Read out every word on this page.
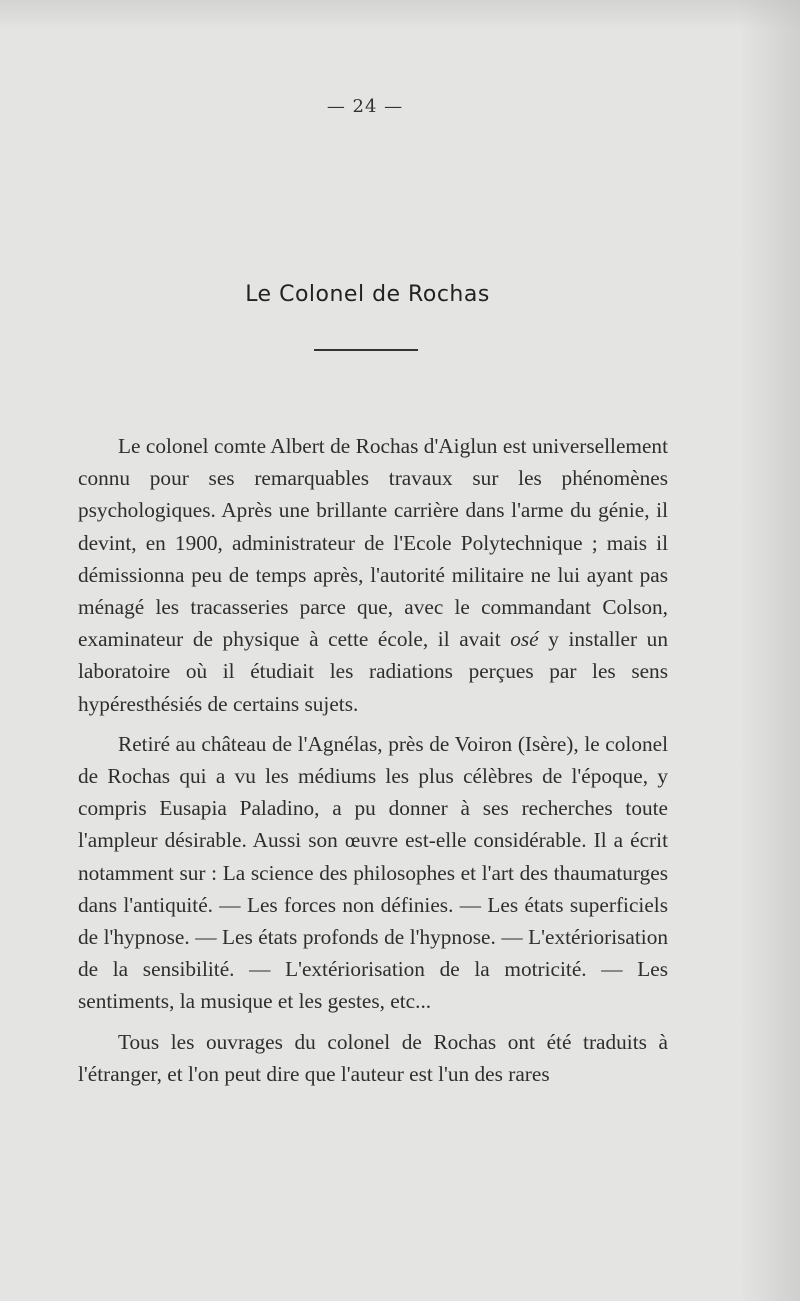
— 24 —
Le Colonel de Rochas

Le colonel comte Albert de Rochas d'Aiglun est universellement connu pour ses remarquables travaux sur les phénomènes psychologiques. Après une brillante carrière dans l'arme du génie, il devint, en 1900, administrateur de l'Ecole Polytechnique ; mais il démissionna peu de temps après, l'autorité militaire ne lui ayant pas ménagé les tracasseries parce que, avec le commandant Colson, examinateur de physique à cette école, il avait osé y installer un laboratoire où il étudiait les radiations perçues par les sens hypéresthésiés de certains sujets.

Retiré au château de l'Agnélas, près de Voiron (Isère), le colonel de Rochas qui a vu les médiums les plus célèbres de l'époque, y compris Eusapia Paladino, a pu donner à ses recherches toute l'ampleur désirable. Aussi son œuvre est-elle considérable. Il a écrit notamment sur : La science des philosophes et l'art des thaumaturges dans l'antiquité. — Les forces non définies. — Les états superficiels de l'hypnose. — Les états profonds de l'hypnose. — L'extériorisation de la sensibilité. — L'extériorisation de la motricité. — Les sentiments, la musique et les gestes, etc...

Tous les ouvrages du colonel de Rochas ont été traduits à l'étranger, et l'on peut dire que l'auteur est l'un des rares
